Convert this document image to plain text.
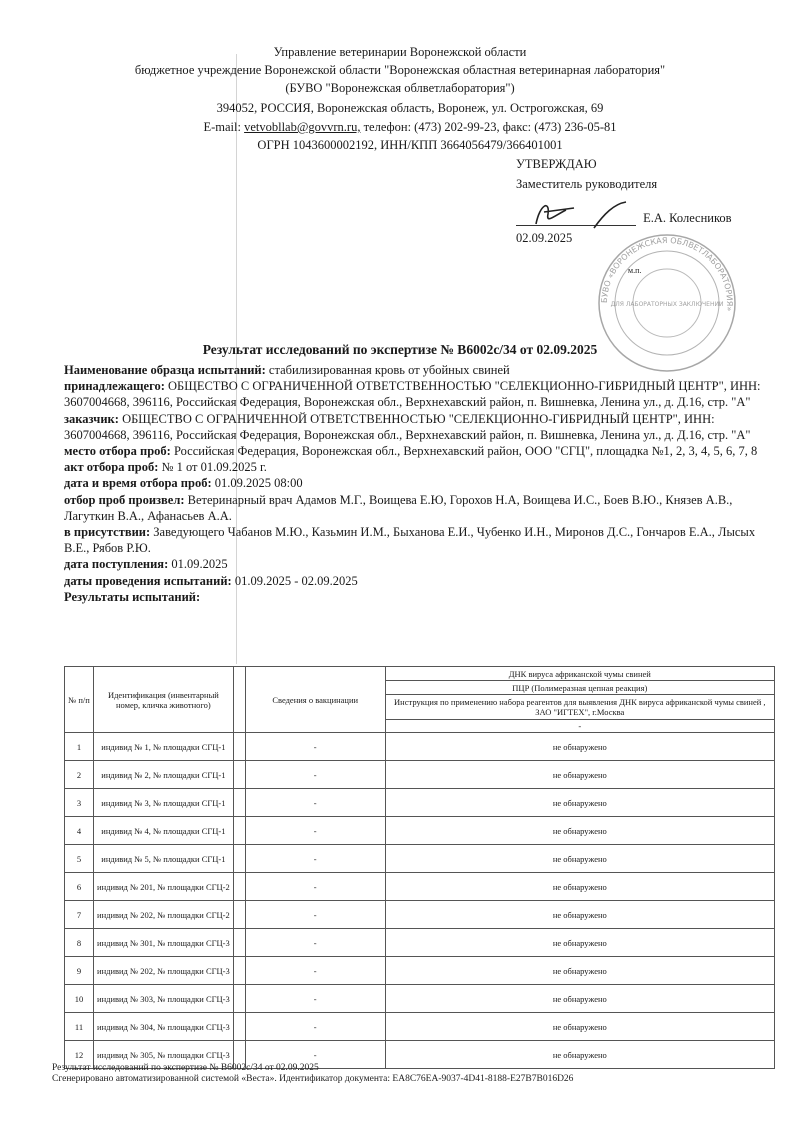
Управление ветеринарии Воронежской области
бюджетное учреждение Воронежской области "Воронежская областная ветеринарная лаборатория"
(БУВО "Воронежская облветлаборатория")
394052, РОССИЯ, Воронежская область, Воронеж, ул. Острогожская, 69
E-mail: vetvobllab@govvrn.ru, телефон: (473) 202-99-23, факс: (473) 236-05-81
ОГРН 1043600002192, ИНН/КПП 3664056479/366401001
УТВЕРЖДАЮ
Заместитель руководителя
Е.А. Колесников
02.09.2025
БУВО «ВОРОНЕЖСКАЯ ОБЛВЕТЛАБОРАТОРИЯ»
ДЛЯ ЛАБОРАТОРНЫХ ЗАКЛЮЧЕНИЙ
м.п.
Результат исследований по экспертизе № B6002c/34 от 02.09.2025

Наименование образца испытаний: стабилизированная кровь от убойных свиней

принадлежащего: ОБЩЕСТВО С ОГРАНИЧЕННОЙ ОТВЕТСТВЕННОСТЬЮ "СЕЛЕКЦИОННО-ГИБРИДНЫЙ ЦЕНТР", ИНН: 3607004668, 396116, Российская Федерация, Воронежская обл., Верхнехавский район, п. Вишневка, Ленина ул., д. Д.16, стр. "А"

заказчик: ОБЩЕСТВО С ОГРАНИЧЕННОЙ ОТВЕТСТВЕННОСТЬЮ "СЕЛЕКЦИОННО-ГИБРИДНЫЙ ЦЕНТР", ИНН: 3607004668, 396116, Российская Федерация, Воронежская обл., Верхнехавский район, п. Вишневка, Ленина ул., д. Д.16, стр. "А"

место отбора проб: Российская Федерация, Воронежская обл., Верхнехавский район, ООО "СГЦ", площадка №1, 2, 3, 4, 5, 6, 7, 8

акт отбора проб: № 1 от 01.09.2025 г.

дата и время отбора проб: 01.09.2025 08:00

отбор проб произвел: Ветеринарный врач Адамов М.Г., Воищева Е.Ю, Горохов Н.А, Воищева И.С., Боев В.Ю., Князев А.В., Лагуткин В.А., Афанасьев А.А.

в присутствии: Заведующего Чабанов М.Ю., Казьмин И.М., Быханова Е.И., Чубенко И.Н., Миронов Д.С., Гончаров Е.А., Лысых В.Е., Рябов Р.Ю.

дата поступления: 01.09.2025

даты проведения испытаний: 01.09.2025 - 02.09.2025

Результаты испытаний:

№ п/п	Идентификация (инвентарный номер, кличка животного)		Сведения о вакцинации	ДНК вируса африканской чумы свиней
				ПЦР (Полимеразная цепная реакция)
				Инструкция по применению набора реагентов для выявления ДНК вируса африканской чумы свиней , ЗАО "ИГТЕХ", г.Москва
				-
1	индивид № 1, № площадки СГЦ-1		-	не обнаружено
2	индивид № 2, № площадки СГЦ-1		-	не обнаружено
3	индивид № 3, № площадки СГЦ-1		-	не обнаружено
4	индивид № 4, № площадки СГЦ-1		-	не обнаружено
5	индивид № 5, № площадки СГЦ-1		-	не обнаружено
6	индивид № 201, № площадки СГЦ-2		-	не обнаружено
7	индивид № 202, № площадки СГЦ-2		-	не обнаружено
8	индивид № 301, № площадки СГЦ-3		-	не обнаружено
9	индивид № 202, № площадки СГЦ-3		-	не обнаружено
10	индивид № 303, № площадки СГЦ-3		-	не обнаружено
11	индивид № 304, № площадки СГЦ-3		-	не обнаружено
12	индивид № 305, № площадки СГЦ-3		-	не обнаружено
Результат исследований по экспертизе № B6002c/34 от 02.09.2025
Сгенерировано автоматизированной системой «Веста». Идентификатор документа: EA8C76EA-9037-4D41-8188-E27B7B016D26
